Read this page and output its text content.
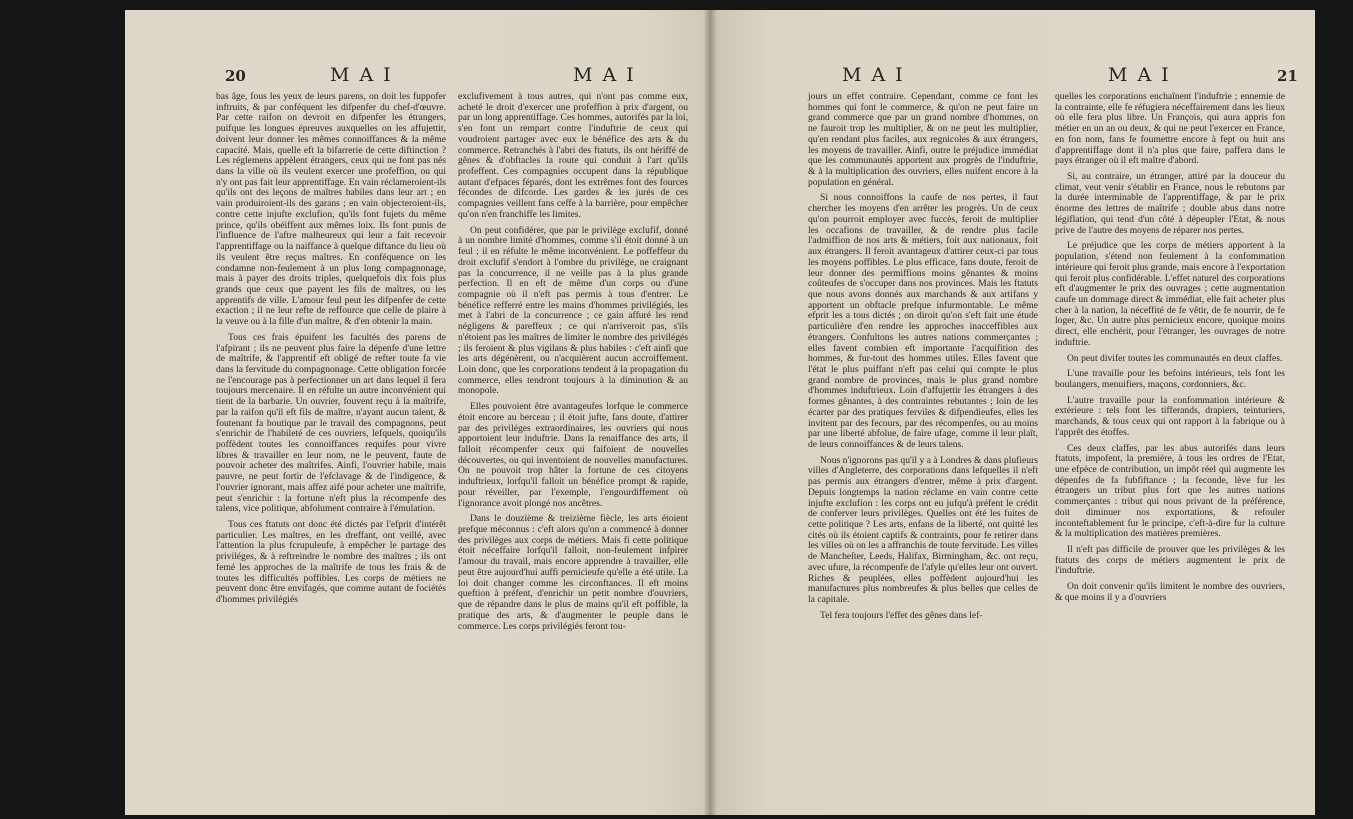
20	MAI	MAI

bas âge, fous les yeux de leurs parens, on doit les fuppofer inftruits, & par conféquent les difpenfer du chef-d'œuvre. Par cette raifon on devroit en difpenfer les étrangers, puifque les longues épreuves auxquelles on les affujettit, doivent leur donner les mêmes connoiffances & la même capacité. Mais, quelle eft la bifarrerie de cette diftinction ? Les réglemens appèlent étrangers, ceux qui ne font pas nés dans la ville où ils veulent exercer une profeffion, ou qui n'y ont pas fait leur apprentiffage. En vain réclameroient-ils qu'ils ont des leçons de maîtres habiles dans leur art ; en vain produiroient-ils des garans ; en vain objecteroient-ils, contre cette injufte exclufion, qu'ils font fujets du même prince, qu'ils obéiffent aux mêmes loix. Ils font punis de l'influence de l'aftre malheureux qui leur a fait recevoir l'apprentiffage ou la naiffance à quelque diftance du lieu où ils veulent être reçus maîtres. En conféquence on les condamne non-feulement à un plus long compagnonage, mais à payer des droits triples, quelquefois dix fois plus grands que ceux que payent les fils de maîtres, ou les apprentifs de ville. L'amour feul peut les difpenfer de cette exaction ; il ne leur refte de reffource que celle de plaire à la veuve ou à la fille d'un maître, & d'en obtenir la main.

Tous ces frais épuifent les facultés des parens de l'afpirant ; ils ne peuvent plus faire la dépenfe d'une lettre de maîtrife, & l'apprentif eft obligé de refter toute fa vie dans la fervitude du compagnonage. Cette obligation forcée ne l'encourage pas à perfectionner un art dans lequel il fera toujours mercenaire. Il en réfulte un autre inconvénient qui tient de la barbarie. Un ouvrier, fouvent reçu à la maîtrife, par la raifon qu'il eft fils de maître, n'ayant aucun talent, & foutenant fa boutique par le travail des compagnons, peut s'enrichir de l'habileté de ces ouvriers, lefquels, quoiqu'ils poffèdent toutes les connoiffances requifes pour vivre libres & travailler en leur nom, ne le peuvent, faute de pouvoir acheter des maîtrifes. Ainfi, l'ouvrier habile, mais pauvre, ne peut fortir de l'efclavage & de l'indigence, & l'ouvrier ignorant, mais affez aifé pour acheter une maîtrife, peut s'enrichir : la fortune n'eft plus la récompenfe des talens, vice politique, abfolument contraire à l'émulation.

Tous ces ftatuts ont donc été dictés par l'efprit d'intérêt particulier. Les maîtres, en les dreffant, ont veillé, avec l'attention la plus fcrupuleufe, à empêcher le partage des priviléges, & à reftreindre le nombre des maîtres ; ils ont femé les approches de la maîtrife de tous les frais & de toutes les difficultés poffibles. Les corps de métiers ne peuvent donc être envifagés, que comme autant de fociétés d'hommes privilégiés

exclufivement à tous autres, qui n'ont pas comme eux, acheté le droit d'exercer une profeffion à prix d'argent, ou par un long apprentiffage. Ces hommes, autorifés par la loi, s'en font un rempart contre l'induftrie de ceux qui voudroient partager avec eux le bénéfice des arts & du commerce. Retranchés à l'abri des ftatuts, ils ont hériffé de gênes & d'obftacles la route qui conduit à l'art qu'ils profeffent. Ces compagnies occupent dans la république autant d'efpaces féparés, dont les extrêmes font des fources fécondes de difcorde. Les gardes & les jurés de ces compagnies veillent fans ceffe à la barrière, pour empêcher qu'on n'en franchiffe les limites.

On peut confidérer, que par le privilège exclufif, donné à un nombre limité d'hommes, comme s'il étoit donné à un feul ; il en réfulte le même inconvénient. Le poffeffeur du droit exclufif s'endort à l'ombre du privilège, ne craignant pas la concurrence, il ne veille pas à la plus grande perfection. Il en eft de même d'un corps ou d'une compagnie où il n'eft pas permis à tous d'entrer. Le bénéfice refferré entre les mains d'hommes privilégiés, les met à l'abri de la concurrence ; ce gain affuré les rend négligens & pareffeux ; ce qui n'arriveroit pas, s'ils n'étoient pas les maîtres de limiter le nombre des privilégés ; ils feroient & plus vigilans & plus habiles : c'eft ainfi que les arts dégénèrent, ou n'acquièrent aucun accroiffement. Loin donc, que les corporations tendent à la propagation du commerce, elles tendront toujours à la diminution & au monopole.

Elles pouvoient être avantageufes lorfque le commerce étoit encore au berceau ; il étoit jufte, fans doute, d'attirer par des priviléges extraordinaires, les ouvriers qui nous apportoient leur induftrie. Dans la renaiffance des arts, il falloit récompenfer ceux qui faifoient de nouvelles découvertes, ou qui inventoient de nouvelles manufactures. On ne pouvoit trop hâter la fortune de ces citoyens induftrieux, lorfqu'il falloit un bénéfice prompt & rapide, pour réveiller, par l'exemple, l'engourdiffement où l'ignorance avoit plongé nos ancêtres.

Dans le douzième & treizième fiècle, les arts étoient prefque méconnus : c'eft alors qu'on a commencé à donner des privilèges aux corps de métiers. Mais fi cette politique étoit néceffaire lorfqu'il falloit, non-feulement infpirer l'amour du travail, mais encore apprendre à travailler, elle peut être aujourd'hui auffi pernicieufe qu'elle a été utile. La loi doit changer comme les circonftances. Il eft moins queftion à préfent, d'enrichir un petit nombre d'ouvriers, que de répandre dans le plus de mains qu'il eft poffible, la pratique des arts, & d'augmenter le peuple dans le commerce. Les corps privilégiés feront tou-

21
MAI	MAI

jours un effet contraire. Cependant, comme ce font les hommes qui font le commerce, & qu'on ne peut faire un grand commerce que par un grand nombre d'hommes, on ne fauroit trop les multiplier, & on ne peut les multiplier, qu'en rendant plus faciles, aux regnicoles & aux étrangers, les moyens de travailler. Ainfi, outre le préjudice immédiat que les communautés apportent aux progrès de l'induftrie, & à la multiplication des ouvriers, elles nuifent encore à la population en général.

Si nous connoiffons la caufe de nos pertes, il faut chercher les moyens d'en arrêter les progrès. Un de ceux qu'on pourroit employer avec fuccès, feroit de multiplier les occafions de travailler, & de rendre plus facile l'admiffion de nos arts & métiers, foit aux nationaux, foit aux étrangers. Il feroit avantageux d'attirer ceux-ci par tous les moyens poffibles. Le plus efficace, fans doute, feroit de leur donner des permiffions moins gênantes & moins coûteufes de s'occuper dans nos provinces. Mais les ftatuts que nous avons donnés aux marchands & aux artifans y apportent un obftacle prefque infurmontable. Le même efprit les a tous dictés ; on diroit qu'on s'eft fait une étude particulière d'en rendre les approches inacceffibles aux étrangers. Confultons les autres nations commerçantes ; elles favent combien eft importante l'acquifition des hommes, & fur-tout des hommes utiles. Elles favent que l'état le plus puiffant n'eft pas celui qui compte le plus grand nombre de provinces, mais le plus grand nombre d'hommes induftrieux. Loin d'affujettir les étrangers à des formes gênantes, à des contraintes rebutantes ; loin de les écarter par des pratiques ferviles & difpendieufes, elles les invitent par des fecours, par des récompenfes, ou au moins par une liberté abfolue, de faire ufage, comme il leur plaît, de leurs connoiffances & de leurs talens.

Nous n'ignorons pas qu'il y a à Londres & dans plufieurs villes d'Angleterre, des corporations dans lefquelles il n'eft pas permis aux étrangers d'entrer, même à prix d'argent. Depuis longtemps la nation réclame en vain contre cette injufte exclufion : les corps ont eu jufqu'à préfent le crédit de conferver leurs privilèges. Quelles ont été les fuites de cette politique ? Les arts, enfans de la liberté, ont quitté les cités où ils étoient captifs & contraints, pour fe retirer dans les villes où on les a affranchis de toute fervitude. Les villes de Mancheſter, Leeds, Halifax, Birmingham, &c. ont reçu, avec ufure, la récompenfe de l'afyle qu'elles leur ont ouvert. Riches & peuplées, elles poffèdent aujourd'hui les manufactures plus nombreufes & plus belles que celles de la capitale.

Tel fera toujours l'effet des gênes dans lef-

quelles les corporations enchaînent l'induftrie ; ennemie de la contrainte, elle fe réfugiera néceffairement dans les lieux où elle fera plus libre. Un François, qui aura appris fon métier en un an ou deux, & qui ne peut l'exercer en France, en fon nom, fans fe foumettre encore à fept ou huit ans d'apprentiffage dont il n'a plus que faire, paffera dans le pays étranger où il eft maître d'abord.

Si, au contraire, un étranger, attiré par la douceur du climat, veut venir s'établir en France, nous le rebutons par la durée interminable de l'apprentiffage, & par le prix énorme des lettres de maîtrife ; double abus dans notre légiflation, qui tend d'un côté à dépeupler l'Etat, & nous prive de l'autre des moyens de réparer nos pertes.

Le préjudice que les corps de métiers apportent à la population, s'étend non feulement à la confommation intérieure qui feroit plus grande, mais encore à l'exportation qui feroit plus confidérable. L'effet naturel des corporations eft d'augmenter le prix des ouvrages ; cette augmentation caufe un dommage direct & immédiat, elle fait acheter plus cher à la nation, la néceffité de fe vêtir, de fe nourrir, de fe loger, &c. Un autre plus pernicieux encore, quoique moins direct, elle enchérit, pour l'étranger, les ouvrages de notre induftrie.

On peut divifer toutes les communautés en deux claffes.

L'une travaille pour les befoins intérieurs, tels font les boulangers, menuifiers, maçons, cordonniers, &c.

L'autre travaille pour la confommation intérieure & extérieure : tels font les tifferands, drapiers, teinturiers, marchands, & tous ceux qui ont rapport à la fabrique ou à l'apprêt des étoffes.

Ces deux claffes, par les abus autorifés dans leurs ftatuts, impofent, la première, à tous les ordres de l'Etat, une efpèce de contribution, un impôt réel qui augmente les dépenfes de fa fubfiftance ; la feconde, lève fur les étrangers un tribut plus fort que les autres nations commerçantes : tribut qui nous privant de la préférence, doit diminuer nos exportations, & refouler inconteftablement fur le principe, c'eft-à-dire fur la culture & la multiplication des matières premières.

Il n'eft pas difficile de prouver que les privilèges & les ftatuts des corps de métiers augmentent le prix de l'induftrie.

On doit convenir qu'ils limitent le nombre des ouvriers, & que moins il y a d'ouvriers
